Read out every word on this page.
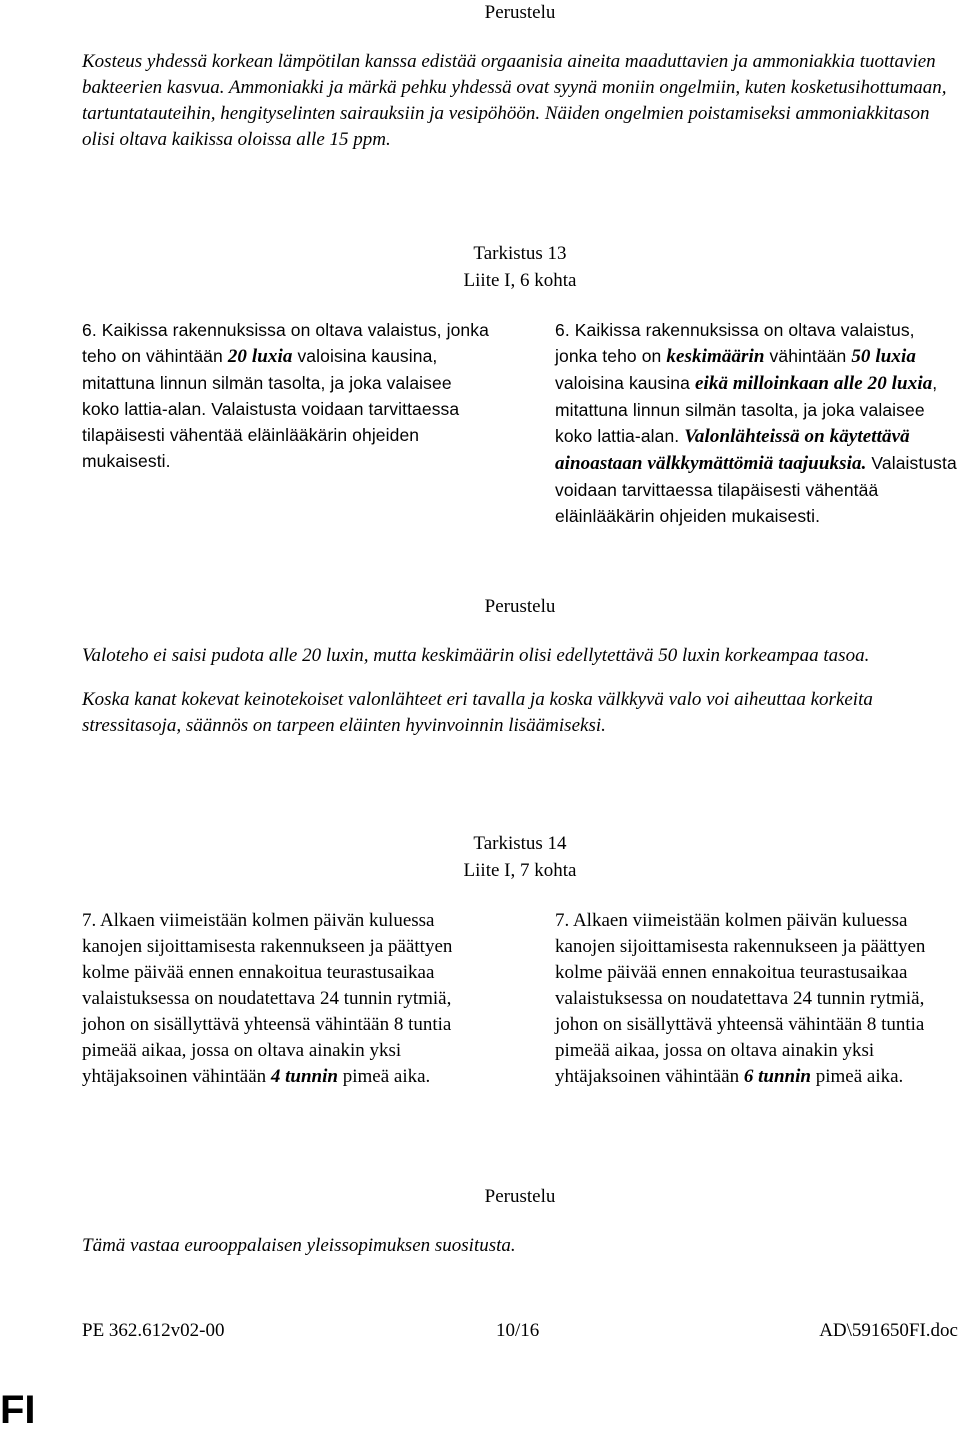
Perustelu

Kosteus yhdessä korkean lämpötilan kanssa edistää orgaanisia aineita maaduttavien ja ammoniakkia tuottavien bakteerien kasvua. Ammoniakki ja märkä pehku yhdessä ovat syynä moniin ongelmiin, kuten kosketusihottumaan, tartuntatauteihin, hengityselinten sairauksiin ja vesipöhöön. Näiden ongelmien poistamiseksi ammoniakkitason olisi oltava kaikissa oloissa alle 15 ppm.

Tarkistus 13
Liite I, 6 kohta
6. Kaikissa rakennuksissa on oltava valaistus, jonka teho on vähintään 20 luxia valoisina kausina, mitattuna linnun silmän tasolta, ja joka valaisee koko lattia-alan. Valaistusta voidaan tarvittaessa tilapäisesti vähentää eläinlääkärin ohjeiden mukaisesti.
6. Kaikissa rakennuksissa on oltava valaistus, jonka teho on keskimäärin vähintään 50 luxia valoisina kausina eikä milloinkaan alle 20 luxia, mitattuna linnun silmän tasolta, ja joka valaisee koko lattia-alan. Valonlähteissä on käytettävä ainoastaan välkkymättömiä taajuuksia. Valaistusta voidaan tarvittaessa tilapäisesti vähentää eläinlääkärin ohjeiden mukaisesti.
Perustelu

Valoteho ei saisi pudota alle 20 luxin, mutta keskimäärin olisi edellytettävä 50 luxin korkeampaa tasoa.

Koska kanat kokevat keinotekoiset valonlähteet eri tavalla ja koska välkkyvä valo voi aiheuttaa korkeita stressitasoja, säännös on tarpeen eläinten hyvinvoinnin lisäämiseksi.

Tarkistus 14
Liite I, 7 kohta
7. Alkaen viimeistään kolmen päivän kuluessa kanojen sijoittamisesta rakennukseen ja päättyen kolme päivää ennen ennakoitua teurastusaikaa valaistuksessa on noudatettava 24 tunnin rytmiä, johon on sisällyttävä yhteensä vähintään 8 tuntia pimeää aikaa, jossa on oltava ainakin yksi yhtäjaksoinen vähintään 4 tunnin pimeä aika.
7. Alkaen viimeistään kolmen päivän kuluessa kanojen sijoittamisesta rakennukseen ja päättyen kolme päivää ennen ennakoitua teurastusaikaa valaistuksessa on noudatettava 24 tunnin rytmiä, johon on sisällyttävä yhteensä vähintään 8 tuntia pimeää aikaa, jossa on oltava ainakin yksi yhtäjaksoinen vähintään 6 tunnin pimeä aika.
Perustelu

Tämä vastaa eurooppalaisen yleissopimuksen suositusta.

PE 362.612v02-00	10/16	AD\591650FI.doc
FI
